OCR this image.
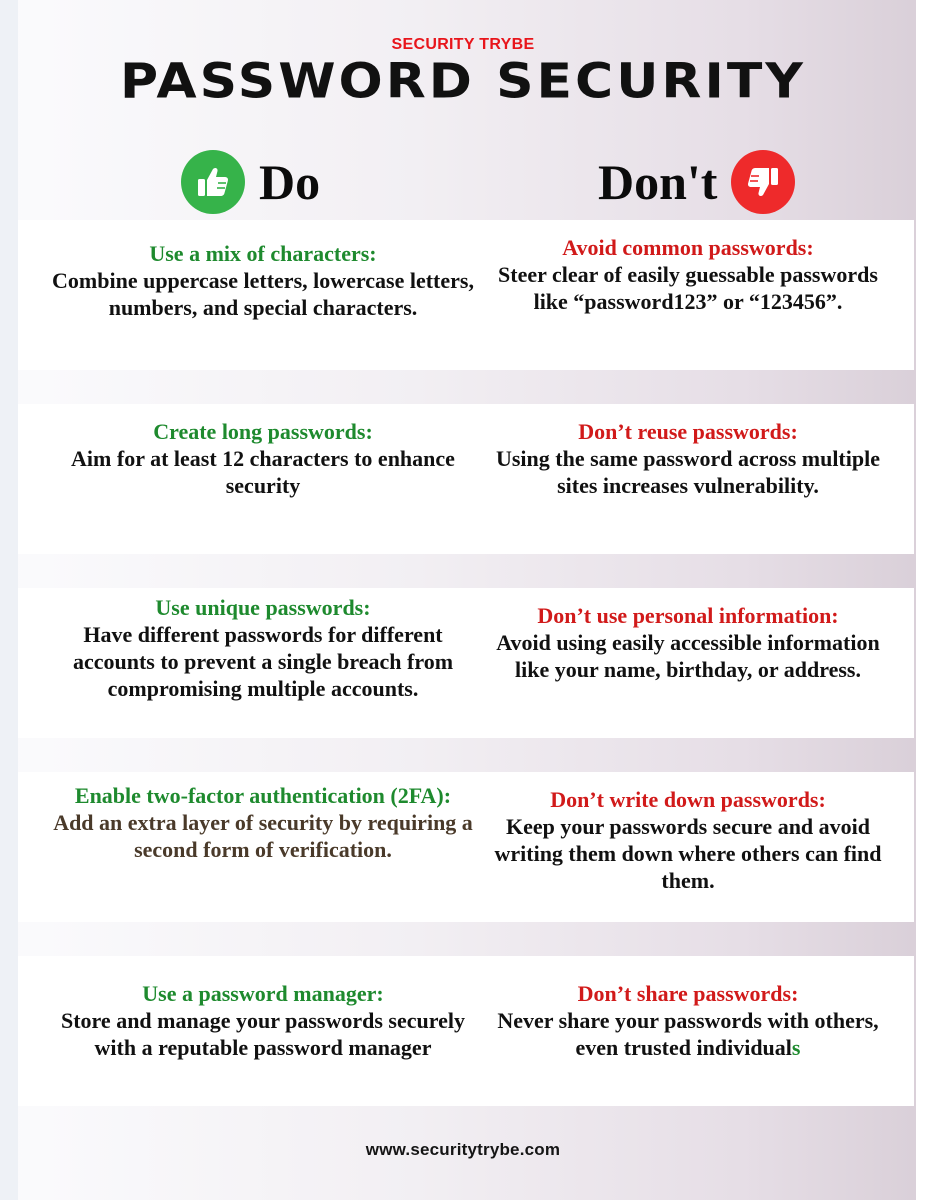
SECURITY TRYBE
PASSWORD SECURITY
Do	Don't
Use a mix of characters:
Combine uppercase letters, lowercase letters, numbers, and special characters.
Avoid common passwords:
Steer clear of easily guessable passwords like “password123” or “123456”.
Create long passwords:
Aim for at least 12 characters to enhance security
Don’t reuse passwords:
Using the same password across multiple sites increases vulnerability.
Use unique passwords:
Have different passwords for different accounts to prevent a single breach from compromising multiple accounts.
Don’t use personal information:
Avoid using easily accessible information like your name, birthday, or address.
Enable two-factor authentication (2FA):
Add an extra layer of security by requiring a second form of verification.
Don’t write down passwords:
Keep your passwords secure and avoid writing them down where others can find them.
Use a password manager:
Store and manage your passwords securely with a reputable password manager
Don’t share passwords:
Never share your passwords with others, even trusted individuals
www.securitytrybe.com
